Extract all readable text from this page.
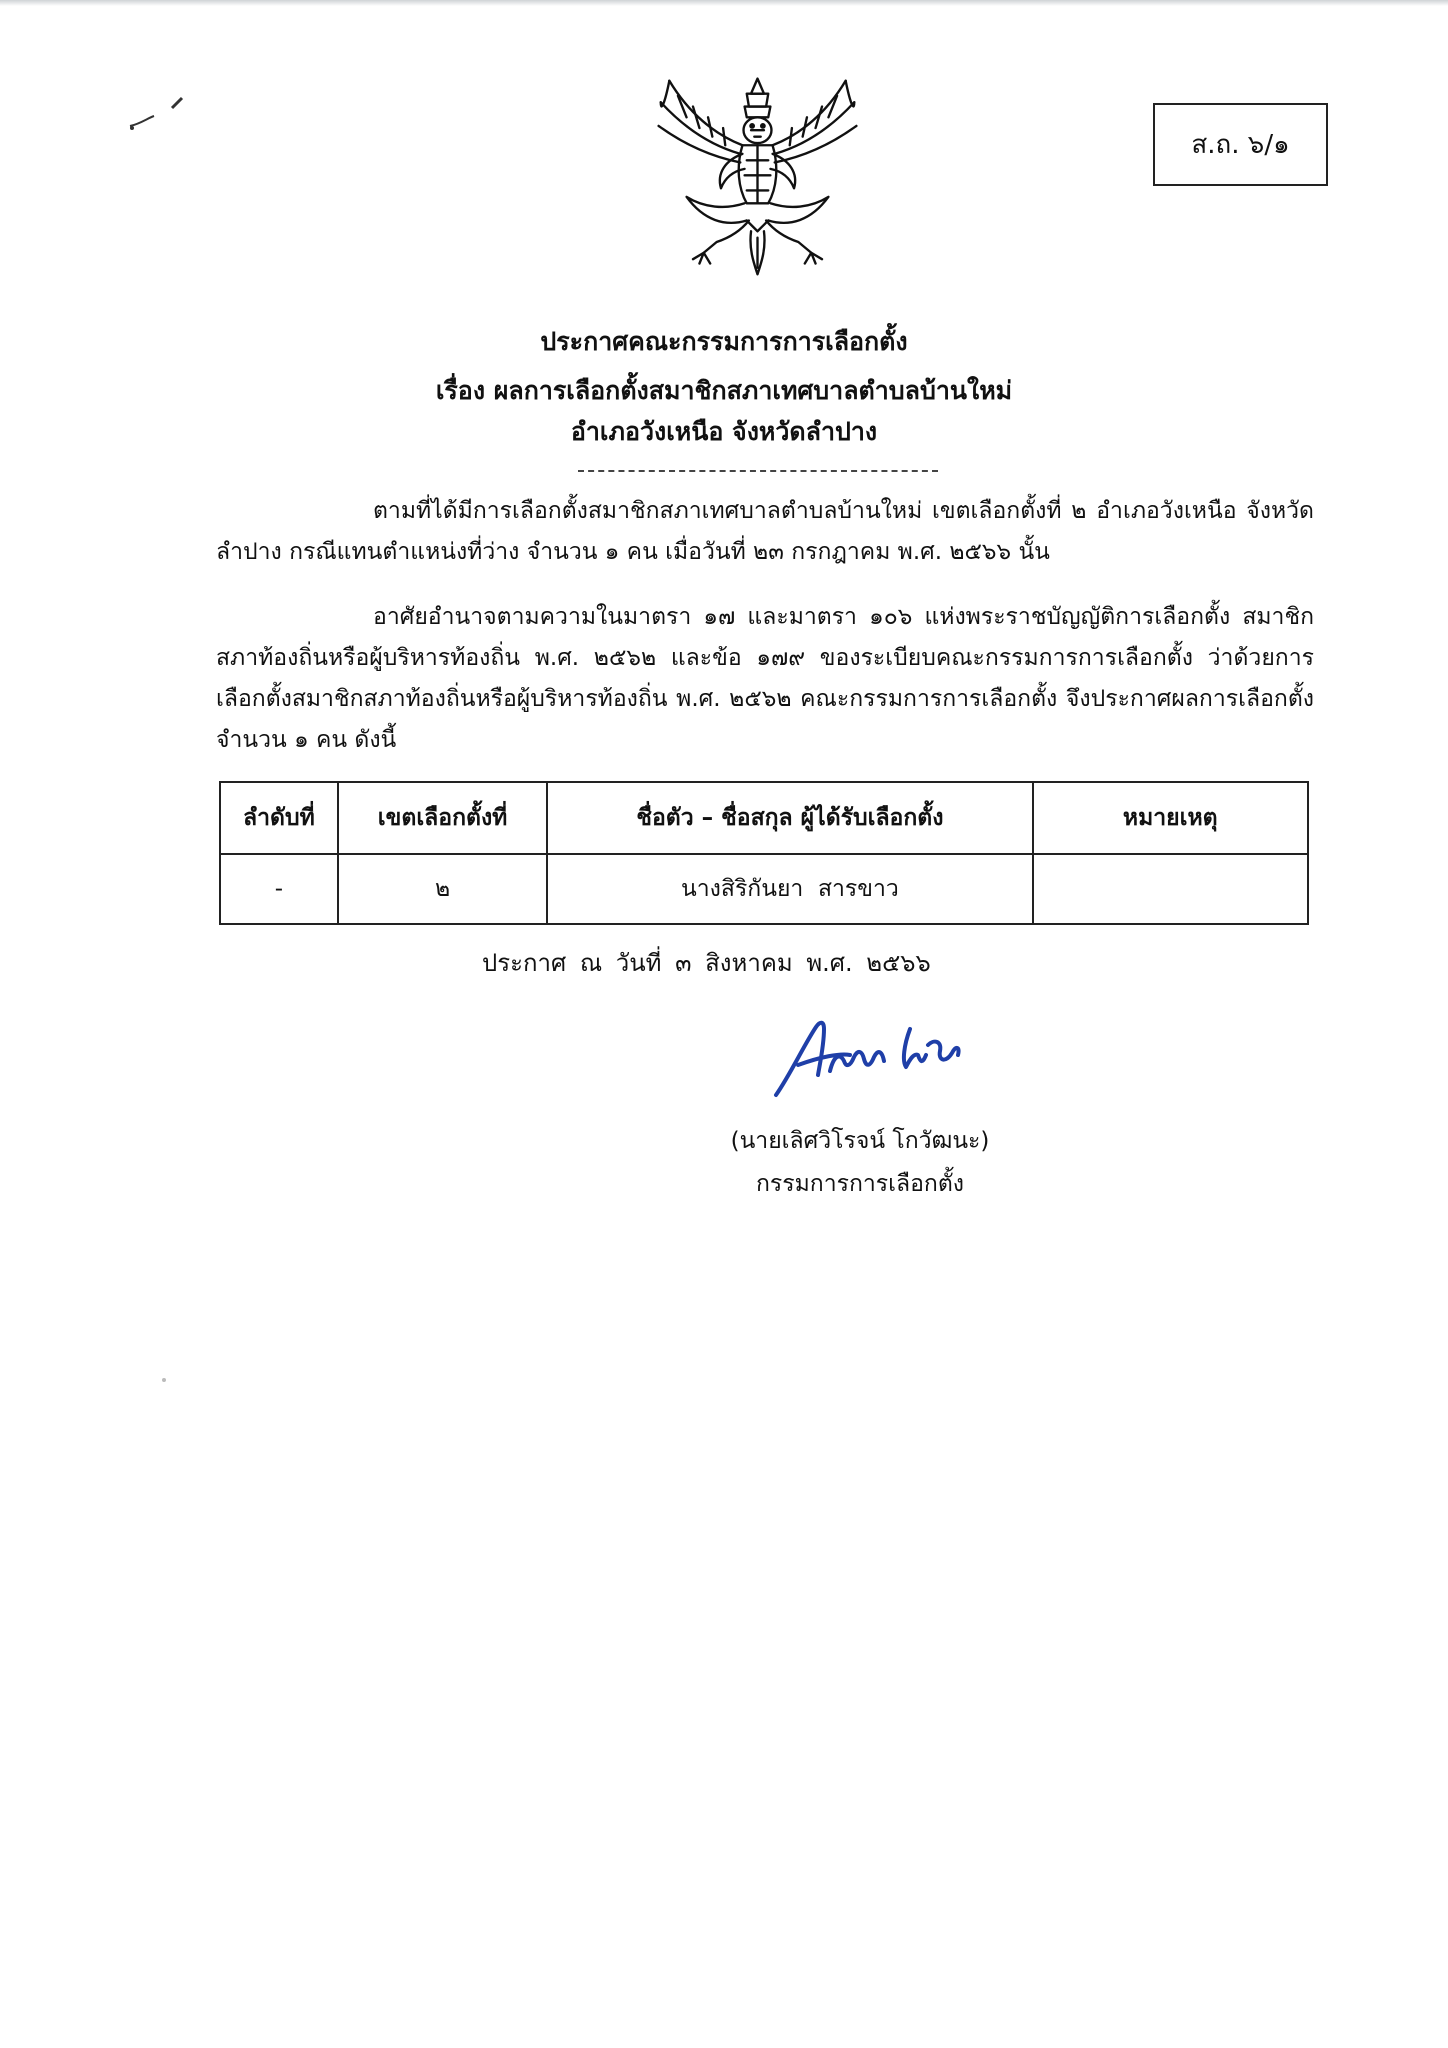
ส.ถ. ๖/๑
ประกาศคณะกรรมการการเลือกตั้ง
เรื่อง ผลการเลือกตั้งสมาชิกสภาเทศบาลตำบลบ้านใหม่
อำเภอวังเหนือ จังหวัดลำปาง
ตามที่ได้มีการเลือกตั้งสมาชิกสภาเทศบาลตำบลบ้านใหม่ เขตเลือกตั้งที่ ๒ อำเภอวังเหนือ จังหวัดลำปาง กรณีแทนตำแหน่งที่ว่าง จำนวน ๑ คน เมื่อวันที่ ๒๓ กรกฎาคม พ.ศ. ๒๕๖๖ นั้น
อาศัยอำนาจตามความในมาตรา ๑๗ และมาตรา ๑๐๖ แห่งพระราชบัญญัติการเลือกตั้ง สมาชิกสภาท้องถิ่นหรือผู้บริหารท้องถิ่น พ.ศ. ๒๕๖๒ และข้อ ๑๗๙ ของระเบียบคณะกรรมการการเลือกตั้ง ว่าด้วยการเลือกตั้งสมาชิกสภาท้องถิ่นหรือผู้บริหารท้องถิ่น พ.ศ. ๒๕๖๒ คณะกรรมการการเลือกตั้ง จึงประกาศผลการเลือกตั้ง จำนวน ๑ คน ดังนี้
ลำดับที่	เขตเลือกตั้งที่	ชื่อตัว – ชื่อสกุล ผู้ได้รับเลือกตั้ง	หมายเหตุ
-	๒	นางสิริกันยา  สารขาว	
ประกาศ ณ วันที่ ๓ สิงหาคม พ.ศ. ๒๕๖๖
(นายเลิศวิโรจน์ โกวัฒนะ)
กรรมการการเลือกตั้ง
